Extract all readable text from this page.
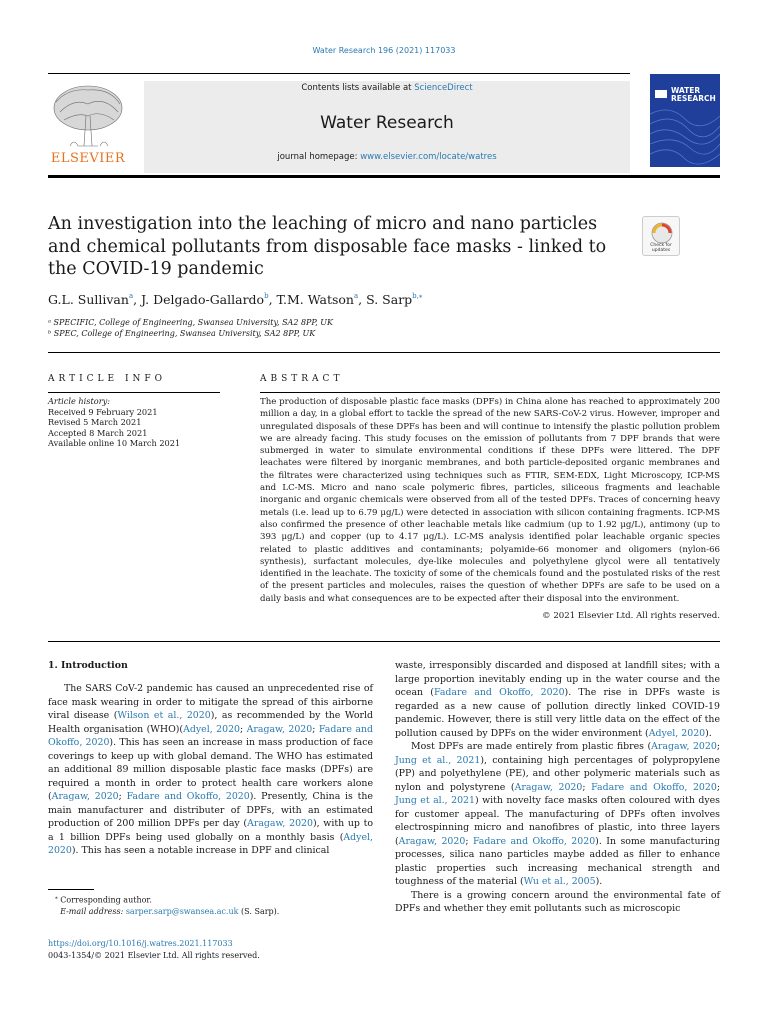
Water Research 196 (2021) 117033
Contents lists available at ScienceDirect
Water Research
journal homepage: www.elsevier.com/locate/watres
ELSEVIER
WATER
RESEARCH
An investigation into the leaching of micro and nano particles and chemical pollutants from disposable face masks - linked to the COVID-19 pandemic
Check for updates
G.L. Sullivan$^a$, J. Delgado-Gallardo$^b$, T.M. Watson$^a$, S. Sarp$^{b,⁎}$
ᵃ SPECIFIC, College of Engineering, Swansea University, SA2 8PP, UK
ᵇ SPEC, College of Engineering, Swansea University, SA2 8PP, UK
ARTICLE INFO	ABSTRACT
Article history:
Received 9 February 2021
Revised 5 March 2021
Accepted 8 March 2021
Available online 10 March 2021
The production of disposable plastic face masks (DPFs) in China alone has reached to approximately 200 million a day, in a global effort to tackle the spread of the new SARS-CoV-2 virus. However, improper and unregulated disposals of these DPFs has been and will continue to intensify the plastic pollution problem we are already facing. This study focuses on the emission of pollutants from 7 DPF brands that were submerged in water to simulate environmental conditions if these DPFs were littered. The DPF leachates were filtered by inorganic membranes, and both particle-deposited organic membranes and the filtrates were characterized using techniques such as FTIR, SEM-EDX, Light Microscopy, ICP-MS and LC-MS. Micro and nano scale polymeric fibres, particles, siliceous fragments and leachable inorganic and organic chemicals were observed from all of the tested DPFs. Traces of concerning heavy metals (i.e. lead up to 6.79 μg/L) were detected in association with silicon containing fragments. ICP-MS also confirmed the presence of other leachable metals like cadmium (up to 1.92 μg/L), antimony (up to 393 μg/L) and copper (up to 4.17 μg/L). LC-MS analysis identified polar leachable organic species related to plastic additives and contaminants; polyamide-66 monomer and oligomers (nylon-66 synthesis), surfactant molecules, dye-like molecules and polyethylene glycol were all tentatively identified in the leachate. The toxicity of some of the chemicals found and the postulated risks of the rest of the present particles and molecules, raises the question of whether DPFs are safe to be used on a daily basis and what consequences are to be expected after their disposal into the environment.
© 2021 Elsevier Ltd. All rights reserved.
1. Introduction

The SARS CoV-2 pandemic has caused an unprecedented rise of face mask wearing in order to mitigate the spread of this airborne viral disease (Wilson et al., 2020), as recommended by the World Health organisation (WHO)(Adyel, 2020; Aragaw, 2020; Fadare and Okoffo, 2020). This has seen an increase in mass production of face coverings to keep up with global demand. The WHO has estimated an additional 89 million disposable plastic face masks (DPFs) are required a month in order to protect health care workers alone (Aragaw, 2020; Fadare and Okoffo, 2020). Presently, China is the main manufacturer and distributer of DPFs, with an estimated production of 200 million DPFs per day (Aragaw, 2020), with up to a 1 billion DPFs being used globally on a monthly basis (Adyel, 2020). This has seen a notable increase in DPF and clinical

waste, irresponsibly discarded and disposed at landfill sites; with a large proportion inevitably ending up in the water course and the ocean (Fadare and Okoffo, 2020). The rise in DPFs waste is regarded as a new cause of pollution directly linked COVID-19 pandemic. However, there is still very little data on the effect of the pollution caused by DPFs on the wider environment (Adyel, 2020).

Most DPFs are made entirely from plastic fibres (Aragaw, 2020; Jung et al., 2021), containing high percentages of polypropylene (PP) and polyethylene (PE), and other polymeric materials such as nylon and polystyrene (Aragaw, 2020; Fadare and Okoffo, 2020; Jung et al., 2021) with novelty face masks often coloured with dyes for customer appeal. The manufacturing of DPFs often involves electrospinning micro and nanofibres of plastic, into three layers (Aragaw, 2020; Fadare and Okoffo, 2020). In some manufacturing processes, silica nano particles maybe added as filler to enhance plastic properties such increasing mechanical strength and toughness of the material (Wu et al., 2005).

There is a growing concern around the environmental fate of DPFs and whether they emit pollutants such as microscopic

⁎ Corresponding author.
E-mail address: sarper.sarp@swansea.ac.uk (S. Sarp).
https://doi.org/10.1016/j.watres.2021.117033
0043-1354/© 2021 Elsevier Ltd. All rights reserved.
